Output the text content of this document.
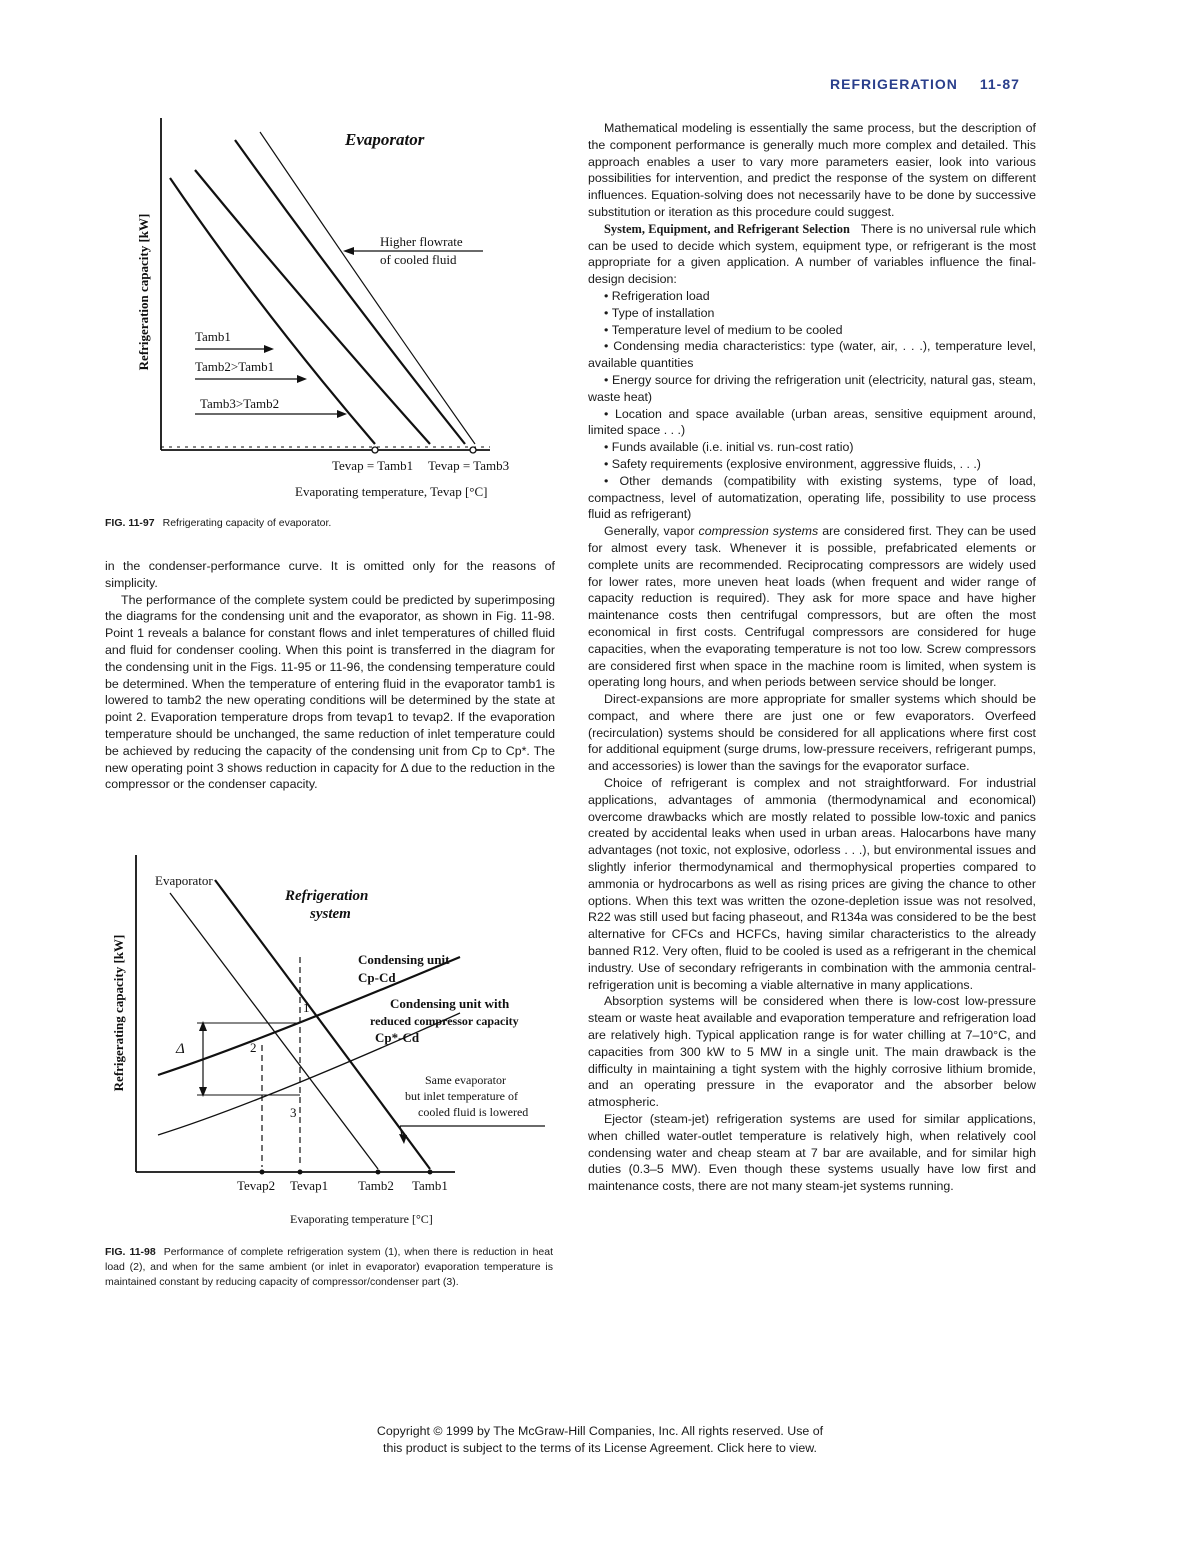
REFRIGERATION 11-87
Refrigeration capacity [kW]
Evaporator
Higher flowrate
of cooled fluid
Tamb1
Tamb2>Tamb1
Tamb3>Tamb2
Tevap = Tamb1 Tevap = Tamb3
Evaporating temperature, Tevap [°C]
FIG. 11-97 Refrigerating capacity of evaporator.

in the condenser-performance curve. It is omitted only for the reasons of simplicity.

The performance of the complete system could be predicted by superimposing the diagrams for the condensing unit and the evaporator, as shown in Fig. 11-98. Point 1 reveals a balance for constant flows and inlet temperatures of chilled fluid and fluid for condenser cooling. When this point is transferred in the diagram for the condensing unit in the Figs. 11-95 or 11-96, the condensing temperature could be determined. When the temperature of entering fluid in the evaporator tamb1 is lowered to tamb2 the new operating conditions will be determined by the state at point 2. Evaporation temperature drops from tevap1 to tevap2. If the evaporation temperature should be unchanged, the same reduction of inlet temperature could be achieved by reducing the capacity of the condensing unit from Cp to Cp*. The new operating point 3 shows reduction in capacity for Δ due to the reduction in the compressor or the condenser capacity.

Refrigerating capacity [kW]
Evaporator
Refrigeration
system
Δ
1
2
3
Condensing unit
Cp-Cd
Condensing unit with
reduced compressor capacity
Cp*-Cd
Same evaporator
but inlet temperature of
cooled fluid is lowered
Tevap2 Tevap1 Tamb2 Tamb1
Evaporating temperature [°C]
FIG. 11-98 Performance of complete refrigeration system (1), when there is reduction in heat load (2), and when for the same ambient (or inlet in evaporator) evaporation temperature is maintained constant by reducing capacity of compressor/condenser part (3).

Mathematical modeling is essentially the same process, but the description of the component performance is generally much more complex and detailed. This approach enables a user to vary more parameters easier, look into various possibilities for intervention, and predict the response of the system on different influences. Equation-solving does not necessarily have to be done by successive substitution or iteration as this procedure could suggest.

System, Equipment, and Refrigerant Selection There is no universal rule which can be used to decide which system, equipment type, or refrigerant is the most appropriate for a given application. A number of variables influence the final-design decision:

• Refrigeration load
• Type of installation
• Temperature level of medium to be cooled
• Condensing media characteristics: type (water, air, . . .), temperature level, available quantities
• Energy source for driving the refrigeration unit (electricity, natural gas, steam, waste heat)
• Location and space available (urban areas, sensitive equipment around, limited space . . .)
• Funds available (i.e. initial vs. run-cost ratio)
• Safety requirements (explosive environment, aggressive fluids, . . .)
• Other demands (compatibility with existing systems, type of load, compactness, level of automatization, operating life, possibility to use process fluid as refrigerant)

Generally, vapor compression systems are considered first. They can be used for almost every task. Whenever it is possible, prefabricated elements or complete units are recommended. Reciprocating compressors are widely used for lower rates, more uneven heat loads (when frequent and wider range of capacity reduction is required). They ask for more space and have higher maintenance costs then centrifugal compressors, but are often the most economical in first costs. Centrifugal compressors are considered for huge capacities, when the evaporating temperature is not too low. Screw compressors are considered first when space in the machine room is limited, when system is operating long hours, and when periods between service should be longer.

Direct-expansions are more appropriate for smaller systems which should be compact, and where there are just one or few evaporators. Overfeed (recirculation) systems should be considered for all applications where first cost for additional equipment (surge drums, low-pressure receivers, refrigerant pumps, and accessories) is lower than the savings for the evaporator surface.

Choice of refrigerant is complex and not straightforward. For industrial applications, advantages of ammonia (thermodynamical and economical) overcome drawbacks which are mostly related to possible low-toxic and panics created by accidental leaks when used in urban areas. Halocarbons have many advantages (not toxic, not explosive, odorless . . .), but environmental issues and slightly inferior thermodynamical and thermophysical properties compared to ammonia or hydrocarbons as well as rising prices are giving the chance to other options. When this text was written the ozone-depletion issue was not resolved, R22 was still used but facing phaseout, and R134a was considered to be the best alternative for CFCs and HCFCs, having similar characteristics to the already banned R12. Very often, fluid to be cooled is used as a refrigerant in the chemical industry. Use of secondary refrigerants in combination with the ammonia central-refrigeration unit is becoming a viable alternative in many applications.

Absorption systems will be considered when there is low-cost low-pressure steam or waste heat available and evaporation temperature and refrigeration load are relatively high. Typical application range is for water chilling at 7–10°C, and capacities from 300 kW to 5 MW in a single unit. The main drawback is the difficulty in maintaining a tight system with the highly corrosive lithium bromide, and an operating pressure in the evaporator and the absorber below atmospheric.

Ejector (steam-jet) refrigeration systems are used for similar applications, when chilled water-outlet temperature is relatively high, when relatively cool condensing water and cheap steam at 7 bar are available, and for similar high duties (0.3–5 MW). Even though these systems usually have low first and maintenance costs, there are not many steam-jet systems running.

Copyright © 1999 by The McGraw-Hill Companies, Inc. All rights reserved. Use of
this product is subject to the terms of its License Agreement. Click here to view.
